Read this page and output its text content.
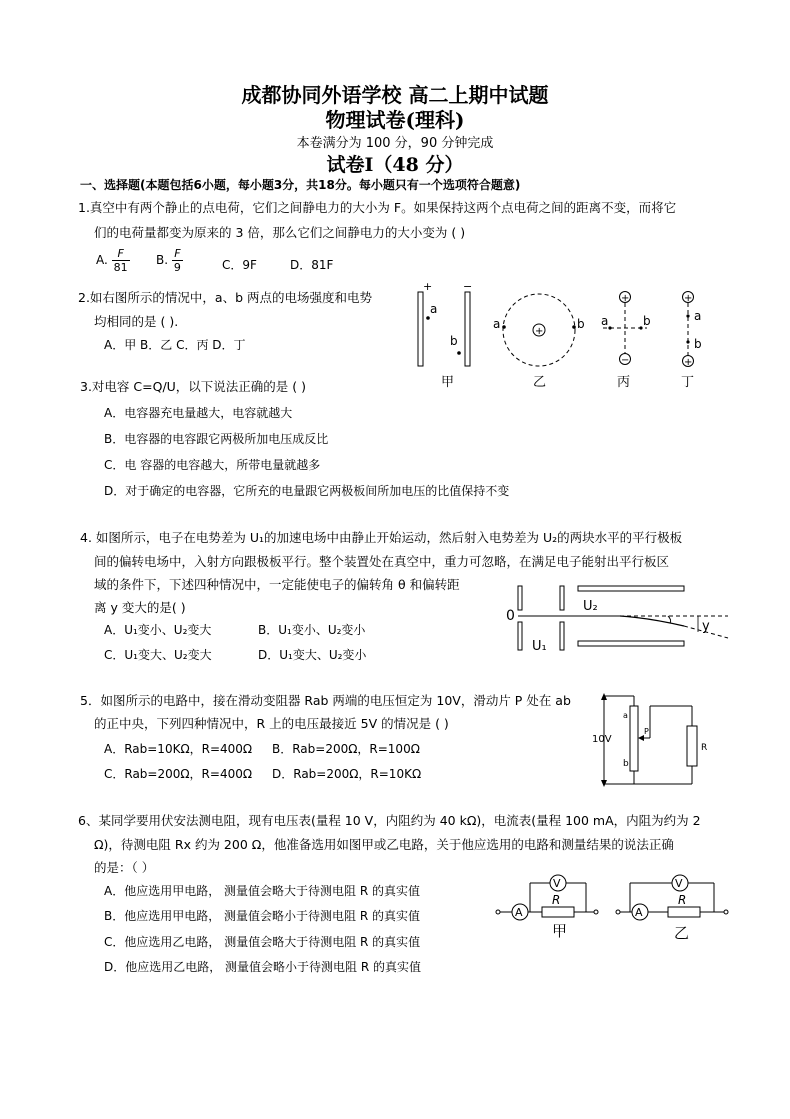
成都协同外语学校 高二上期中试题
物理试卷(理科)
本卷满分为 100 分，90 分钟完成
试卷Ⅰ（48 分）
一、选择题(本题包括6小题，每小题3分，共18分。每小题只有一个选项符合题意)
1.真空中有两个静止的点电荷，它们之间静电力的大小为 F。如果保持这两个点电荷之间的距离不变，而将它
们的电荷量都变为原来的 3 倍，那么它们之间静电力的大小变为 ( )
A. $\frac{F}{81} B$. $\frac{F}{9}$	C．9F	D．81F
2.如右图所示的情况中，a、b 两点的电场强度和电势
均相同的是 ( ).
A．甲 B．乙 C．丙 D．丁
+	−
a
b
甲
+
a	b
乙
+
−
a	b
丙
+
+
a
b
丁
3.对电容 C=Q/U，以下说法正确的是 ( )
A．电容器充电量越大，电容就越大
B．电容器的电容跟它两极所加电压成反比
C．电 容器的电容越大，所带电量就越多
D．对于确定的电容器，它所充的电量跟它两极板间所加电压的比值保持不变
4. 如图所示，电子在电势差为 U₁的加速电场中由静止开始运动，然后射入电势差为 U₂的两块水平的平行极板
间的偏转电场中，入射方向跟极板平行。整个装置处在真空中，重力可忽略，在满足电子能射出平行板区
域的条件下，下述四种情况中，一定能使电子的偏转角 θ 和偏转距
离 y 变大的是( )
A．U₁变小、U₂变大	B．U₁变小、U₂变小
C．U₁变大、U₂变大	D．U₁变大、U₂变小
0
U₁
U₂
y
5．如图所示的电路中，接在滑动变阻器 Rab 两端的电压恒定为 10V，滑动片 P 处在 ab
的正中央，下列四种情况中，R 上的电压最接近 5V 的情况是 ( )
A．Rab=10KΩ，R=400Ω B．Rab=200Ω，R=100Ω
C．Rab=200Ω，R=400Ω D．Rab=200Ω，R=10KΩ
10V
a
b
P
R
6、某同学要用伏安法测电阻，现有电压表(量程 10 V，内阻约为 40 kΩ)，电流表(量程 100 mA，内阻为约为 2
Ω)，待测电阻 Rx 约为 200 Ω，他准备选用如图甲或乙电路，关于他应选用的电路和测量结果的说法正确
的是：（ ）
A．他应选用甲电路， 测量值会略大于待测电阻 R 的真实值
B．他应选用甲电路， 测量值会略小于待测电阻 R 的真实值
C．他应选用乙电路， 测量值会略大于待测电阻 R 的真实值
D．他应选用乙电路， 测量值会略小于待测电阻 R 的真实值
A
R
V
甲
A
R
V
乙
